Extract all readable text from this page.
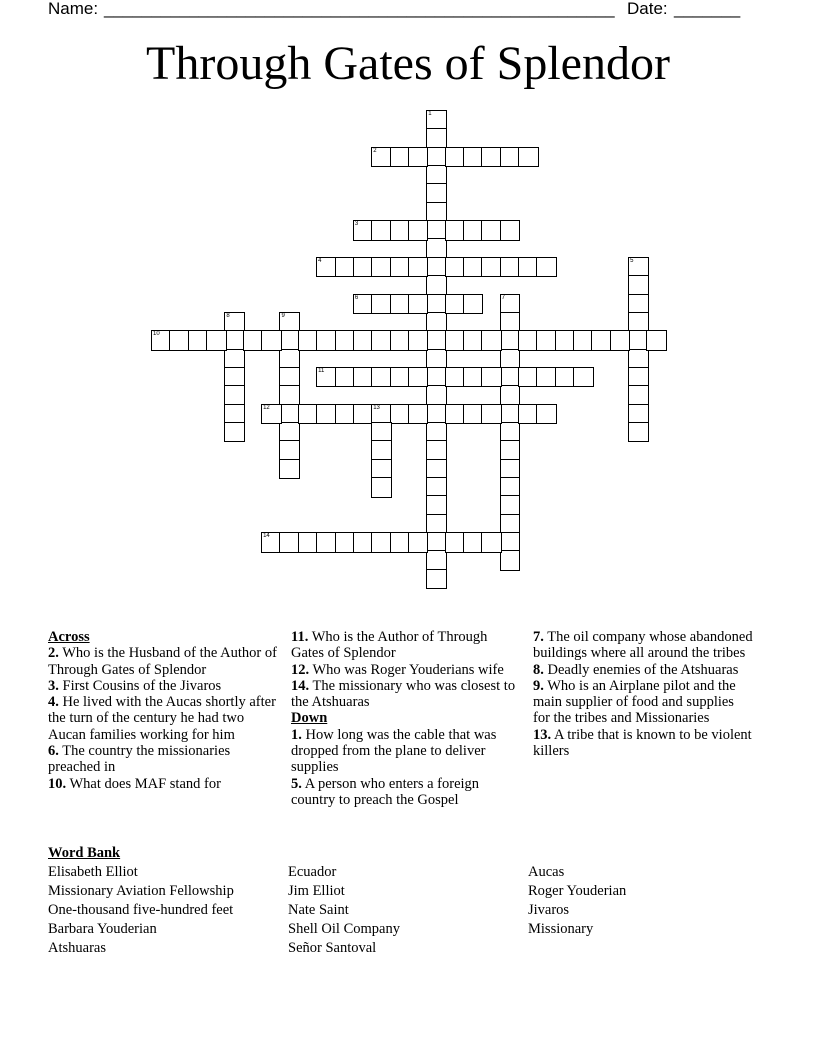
Name: ______________________________________________________ Date: _______
Through Gates of Splendor
1
2
3
4	5
6	7
8	9
10
11
12	13
14

Across

2. Who is the Husband of the Author of Through Gates of Splendor

3. First Cousins of the Jivaros

4. He lived with the Aucas shortly after the turn of the century he had two Aucan families working for him

6. The country the missionaries preached in

10. What does MAF stand for

11. Who is the Author of Through Gates of Splendor

12. Who was Roger Youderians wife

14. The missionary who was closest to the Atshuaras

Down

1. How long was the cable that was dropped from the plane to deliver supplies

5. A person who enters a foreign country to preach the Gospel

7. The oil company whose abandoned buildings where all around the tribes

8. Deadly enemies of the Atshuaras

9. Who is an Airplane pilot and the main supplier of food and supplies for the tribes and Missionaries

13. A tribe that is known to be violent killers

Word Bank
Elisabeth Elliot
Missionary Aviation Fellowship
One-thousand five-hundred feet
Barbara Youderian
Atshuaras
Ecuador
Jim Elliot
Nate Saint
Shell Oil Company
Señor Santoval
Aucas
Roger Youderian
Jivaros
Missionary
